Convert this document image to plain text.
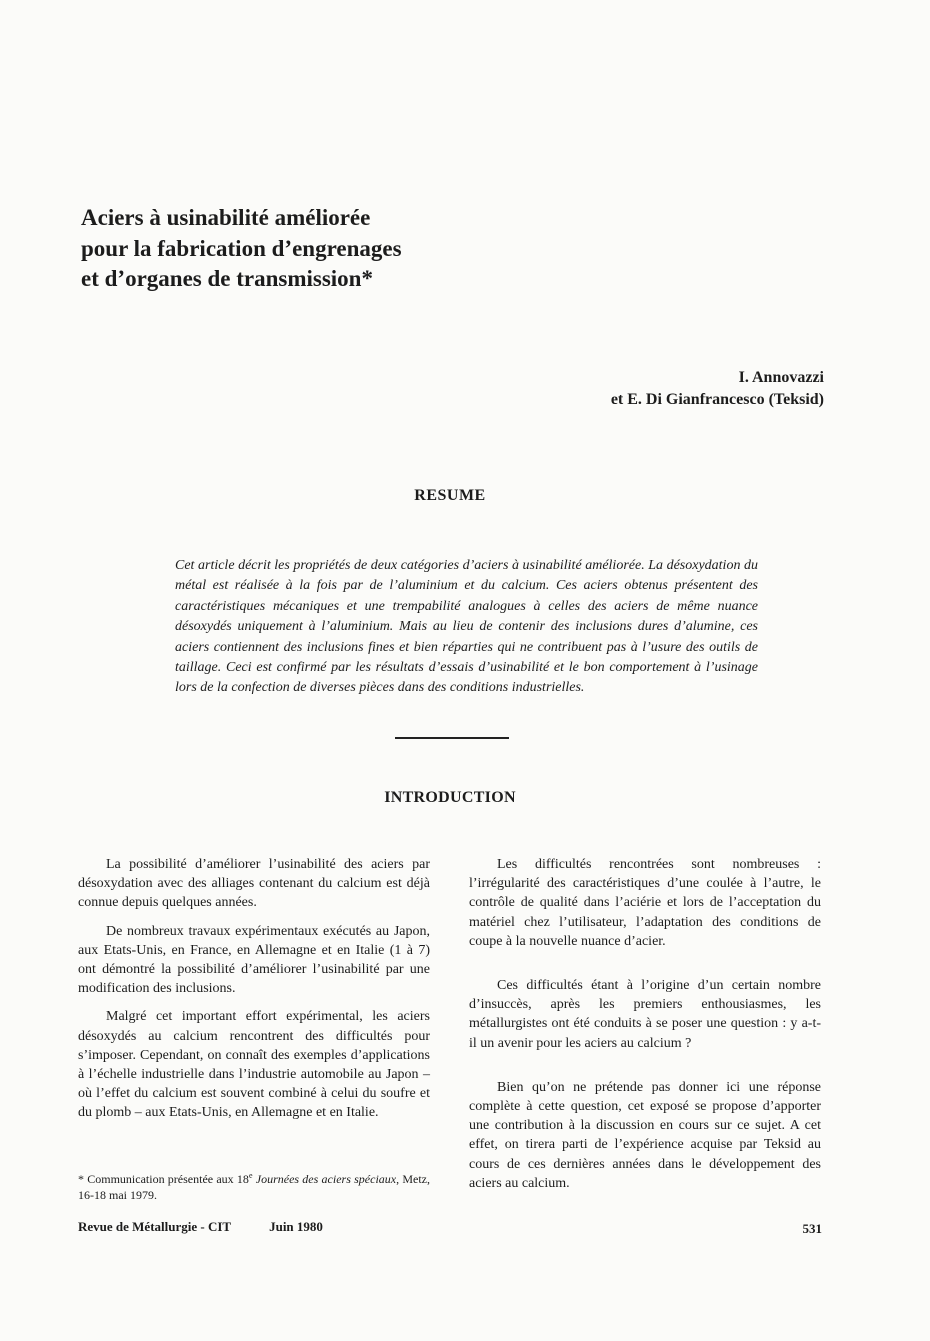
Aciers à usinabilité améliorée
pour la fabrication d’engrenages
et d’organes de transmission*
I. Annovazzi
et E. Di Gianfrancesco (Teksid)
RESUME

Cet article décrit les propriétés de deux catégories d’aciers à usinabilité améliorée. La désoxydation du métal est réalisée à la fois par de l’aluminium et du calcium. Ces aciers obtenus présentent des caractéristiques mécaniques et une trempabilité analogues à celles des aciers de même nuance désoxydés uniquement à l’aluminium. Mais au lieu de contenir des inclusions dures d’alumine, ces aciers contiennent des inclusions fines et bien réparties qui ne contribuent pas à l’usure des outils de taillage. Ceci est confirmé par les résultats d’essais d’usinabilité et le bon comportement à l’usinage lors de la confection de diverses pièces dans des conditions industrielles.

INTRODUCTION

La possibilité d’améliorer l’usinabilité des aciers par désoxydation avec des alliages contenant du calcium est déjà connue depuis quelques années.

De nombreux travaux expérimentaux exécutés au Japon, aux Etats-Unis, en France, en Allemagne et en Italie (1 à 7) ont démontré la possibilité d’améliorer l’usinabilité par une modification des inclusions.

Malgré cet important effort expérimental, les aciers désoxydés au calcium rencontrent des difficultés pour s’imposer. Cependant, on connaît des exemples d’applications à l’échelle industrielle dans l’industrie automobile au Japon – où l’effet du calcium est souvent combiné à celui du soufre et du plomb – aux Etats-Unis, en Allemagne et en Italie.

Les difficultés rencontrées sont nombreuses : l’irrégularité des caractéristiques d’une coulée à l’autre, le contrôle de qualité dans l’aciérie et lors de l’acceptation du matériel chez l’utilisateur, l’adaptation des conditions de coupe à la nouvelle nuance d’acier.

Ces difficultés étant à l’origine d’un certain nombre d’insuccès, après les premiers enthousiasmes, les métallurgistes ont été conduits à se poser une question : y a-t-il un avenir pour les aciers au calcium ?

Bien qu’on ne prétende pas donner ici une réponse complète à cette question, cet exposé se propose d’apporter une contribution à la discussion en cours sur ce sujet. A cet effet, on tirera parti de l’expérience acquise par Teksid au cours de ces dernières années dans le développement des aciers au calcium.

* Communication présentée aux 18e Journées des aciers spéciaux, Metz, 16-18 mai 1979.

Revue de Métallurgie - CIT	Juin 1980	531
